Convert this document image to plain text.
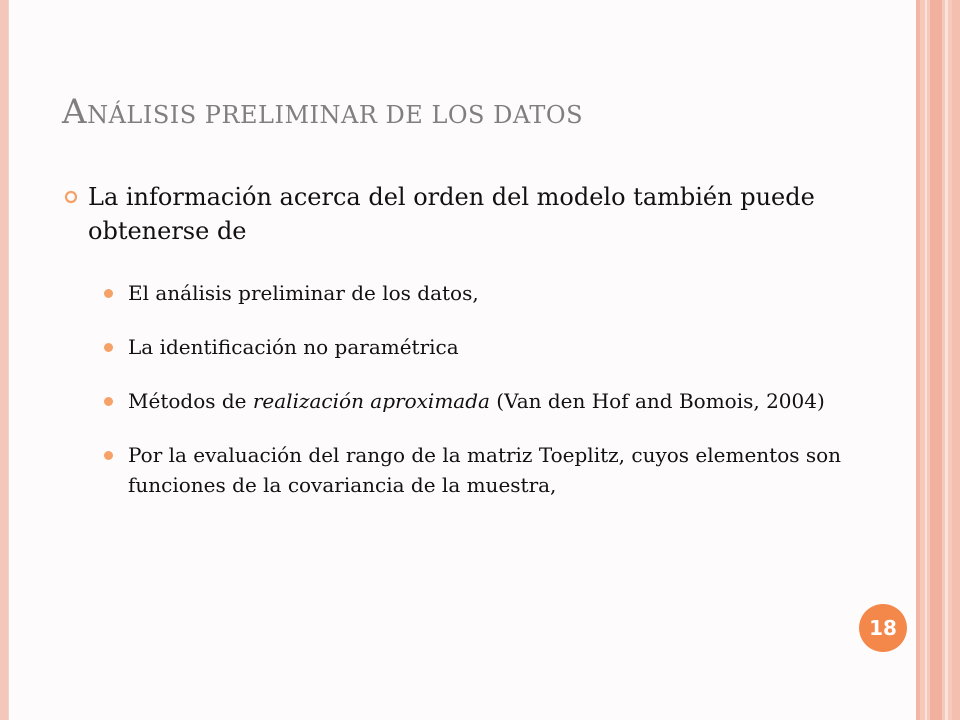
ANÁLISIS PRELIMINAR DE LOS DATOS
La información acerca del orden del modelo también puede obtenerse de
El análisis preliminar de los datos,
La identificación no paramétrica
Métodos de realización aproximada (Van den Hof and Bomois, 2004)
Por la evaluación del rango de la matriz Toeplitz, cuyos elementos son funciones de la covariancia de la muestra,
18
